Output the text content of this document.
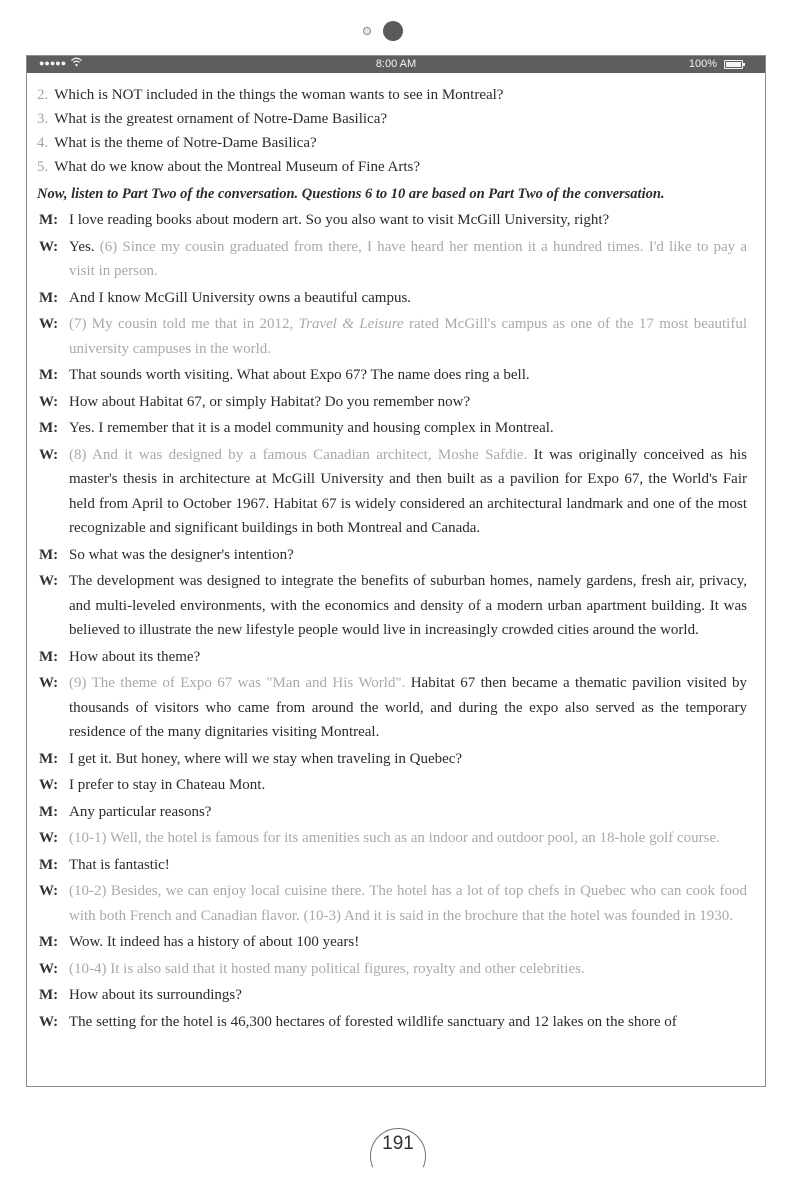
●●●●●	8:00 AM	100%
2. Which is NOT included in the things the woman wants to see in Montreal?
3. What is the greatest ornament of Notre-Dame Basilica?
4. What is the theme of Notre-Dame Basilica?
5. What do we know about the Montreal Museum of Fine Arts?
Now, listen to Part Two of the conversation. Questions 6 to 10 are based on Part Two of the conversation.
M: I love reading books about modern art. So you also want to visit McGill University, right?
W: Yes. (6) Since my cousin graduated from there, I have heard her mention it a hundred times. I'd like to pay a visit in person.
M: And I know McGill University owns a beautiful campus.
W: (7) My cousin told me that in 2012, Travel & Leisure rated McGill's campus as one of the 17 most beautiful university campuses in the world.
M: That sounds worth visiting. What about Expo 67? The name does ring a bell.
W: How about Habitat 67, or simply Habitat? Do you remember now?
M: Yes. I remember that it is a model community and housing complex in Montreal.
W: (8) And it was designed by a famous Canadian architect, Moshe Safdie. It was originally conceived as his master's thesis in architecture at McGill University and then built as a pavilion for Expo 67, the World's Fair held from April to October 1967. Habitat 67 is widely considered an architectural landmark and one of the most recognizable and significant buildings in both Montreal and Canada.
M: So what was the designer's intention?
W: The development was designed to integrate the benefits of suburban homes, namely gardens, fresh air, privacy, and multi-leveled environments, with the economics and density of a modern urban apartment building. It was believed to illustrate the new lifestyle people would live in increasingly crowded cities around the world.
M: How about its theme?
W: (9) The theme of Expo 67 was "Man and His World". Habitat 67 then became a thematic pavilion visited by thousands of visitors who came from around the world, and during the expo also served as the temporary residence of the many dignitaries visiting Montreal.
M: I get it. But honey, where will we stay when traveling in Quebec?
W: I prefer to stay in Chateau Mont.
M: Any particular reasons?
W: (10-1) Well, the hotel is famous for its amenities such as an indoor and outdoor pool, an 18-hole golf course.
M: That is fantastic!
W: (10-2) Besides, we can enjoy local cuisine there. The hotel has a lot of top chefs in Quebec who can cook food with both French and Canadian flavor. (10-3) And it is said in the brochure that the hotel was founded in 1930.
M: Wow. It indeed has a history of about 100 years!
W: (10-4) It is also said that it hosted many political figures, royalty and other celebrities.
M: How about its surroundings?
W: The setting for the hotel is 46,300 hectares of forested wildlife sanctuary and 12 lakes on the shore of
191
